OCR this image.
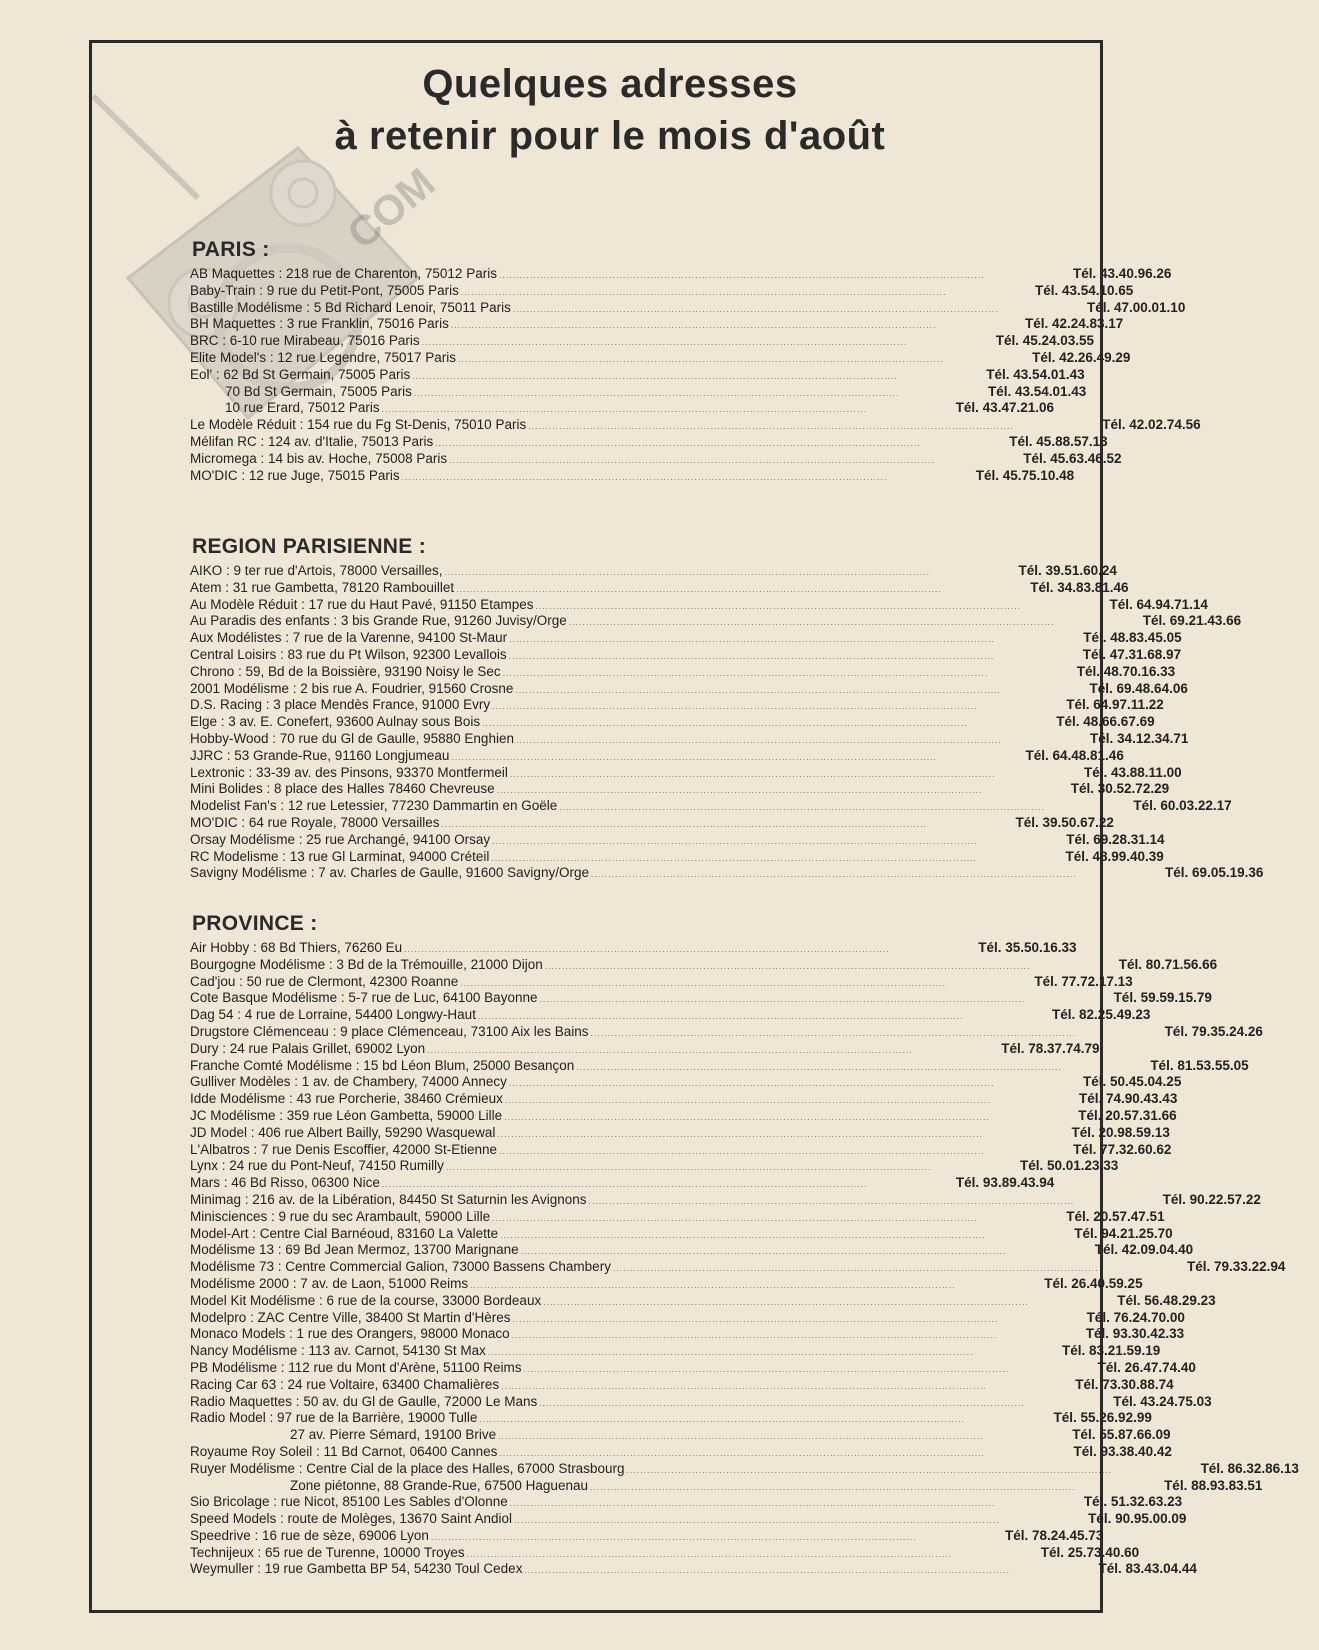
COM
Quelques adresses
à retenir pour le mois d'août
PARIS :
AB Maquettes : 218 rue de Charenton, 75012 Paris . . .	Tél. 43.40.96.26
Baby-Train : 9 rue du Petit-Pont, 75005 Paris . . .	Tél. 43.54.10.65
Bastille Modélisme : 5 Bd Richard Lenoir, 75011 Paris . . .	Tél. 47.00.01.10
BH Maquettes : 3 rue Franklin, 75016 Paris . . .	Tél. 42.24.83.17
BRC : 6-10 rue Mirabeau, 75016 Paris . . .	Tél. 45.24.03.55
Elite Model's : 12 rue Legendre, 75017 Paris . . .	Tél. 42.26.49.29
Eol' : 62 Bd St Germain, 75005 Paris . . .	Tél. 43.54.01.43
70 Bd St Germain, 75005 Paris . . .	Tél. 43.54.01.43
10 rue Erard, 75012 Paris . . .	Tél. 43.47.21.06
Le Modèle Réduit : 154 rue du Fg St-Denis, 75010 Paris . . .	Tél. 42.02.74.56
Mélifan RC : 124 av. d'Italie, 75013 Paris . . .	Tél. 45.88.57.13
Micromega : 14 bis av. Hoche, 75008 Paris . . .	Tél. 45.63.46.52
MO'DIC : 12 rue Juge, 75015 Paris . . .	Tél. 45.75.10.48
REGION PARISIENNE :
AIKO : 9 ter rue d'Artois, 78000 Versailles, . . .	Tél. 39.51.60.24
Atem : 31 rue Gambetta, 78120 Rambouillet . . .	Tél. 34.83.81.46
Au Modèle Réduit : 17 rue du Haut Pavé, 91150 Etampes . . .	Tél. 64.94.71.14
Au Paradis des enfants : 3 bis Grande Rue, 91260 Juvisy/Orge . . .	Tél. 69.21.43.66
Aux Modélistes : 7 rue de la Varenne, 94100 St-Maur . . .	Tél. 48.83.45.05
Central Loisirs : 83 rue du Pt Wilson, 92300 Levallois . . .	Tél. 47.31.68.97
Chrono : 59, Bd de la Boissière, 93190 Noisy le Sec . . .	Tél. 48.70.16.33
2001 Modélisme : 2 bis rue A. Foudrier, 91560 Crosne . . .	Tél. 69.48.64.06
D.S. Racing : 3 place Mendès France, 91000 Evry . . .	Tél. 64.97.11.22
Elge : 3 av. E. Conefert, 93600 Aulnay sous Bois . . .	Tél. 48.66.67.69
Hobby-Wood : 70 rue du Gl de Gaulle, 95880 Enghien . . .	Tél. 34.12.34.71
JJRC : 53 Grande-Rue, 91160 Longjumeau . . .	Tél. 64.48.81.46
Lextronic : 33-39 av. des Pinsons, 93370 Montfermeil . . .	Tél. 43.88.11.00
Mini Bolides : 8 place des Halles 78460 Chevreuse . . .	Tél. 30.52.72.29
Modelist Fan's : 12 rue Letessier, 77230 Dammartin en Goële . . .	Tél. 60.03.22.17
MO'DIC : 64 rue Royale, 78000 Versailles . . .	Tél. 39.50.67.22
Orsay Modélisme : 25 rue Archangé, 94100 Orsay . . .	Tél. 69.28.31.14
RC Modelisme : 13 rue Gl Larminat, 94000 Créteil . . .	Tél. 48.99.40.39
Savigny Modélisme : 7 av. Charles de Gaulle, 91600 Savigny/Orge . . .	Tél. 69.05.19.36
PROVINCE :
Air Hobby : 68 Bd Thiers, 76260 Eu . . .	Tél. 35.50.16.33
Bourgogne Modélisme : 3 Bd de la Trémouille, 21000 Dijon . . .	Tél. 80.71.56.66
Cad'jou : 50 rue de Clermont, 42300 Roanne . . .	Tél. 77.72.17.13
Cote Basque Modélisme : 5-7 rue de Luc, 64100 Bayonne . . .	Tél. 59.59.15.79
Dag 54 : 4 rue de Lorraine, 54400 Longwy-Haut . . .	Tél. 82.25.49.23
Drugstore Clémenceau : 9 place Clémenceau, 73100 Aix les Bains . . .	Tél. 79.35.24.26
Dury : 24 rue Palais Grillet, 69002 Lyon . . .	Tél. 78.37.74.79
Franche Comté Modélisme : 15 bd Léon Blum, 25000 Besançon . . .	Tél. 81.53.55.05
Gulliver Modèles : 1 av. de Chambery, 74000 Annecy . . .	Tél. 50.45.04.25
Idde Modélisme : 43 rue Porcherie, 38460 Crémieux . . .	Tél. 74.90.43.43
JC Modélisme : 359 rue Léon Gambetta, 59000 Lille . . .	Tél. 20.57.31.66
JD Model : 406 rue Albert Bailly, 59290 Wasquewal . . .	Tél. 20.98.59.13
L'Albatros : 7 rue Denis Escoffier, 42000 St-Etienne . . .	Tél. 77.32.60.62
Lynx : 24 rue du Pont-Neuf, 74150 Rumilly . . .	Tél. 50.01.23.33
Mars : 46 Bd Risso, 06300 Nice . . .	Tél. 93.89.43.94
Minimag : 216 av. de la Libération, 84450 St Saturnin les Avignons . . .	Tél. 90.22.57.22
Minisciences : 9 rue du sec Arambault, 59000 Lille . . .	Tél. 20.57.47.51
Model-Art : Centre Cial Barnéoud, 83160 La Valette . . .	Tél. 94.21.25.70
Modélisme 13 : 69 Bd Jean Mermoz, 13700 Marignane . . .	Tél. 42.09.04.40
Modélisme 73 : Centre Commercial Galion, 73000 Bassens Chambery . . .	Tél. 79.33.22.94
Modélisme 2000 : 7 av. de Laon, 51000 Reims . . .	Tél. 26.40.59.25
Model Kit Modélisme : 6 rue de la course, 33000 Bordeaux . . .	Tél. 56.48.29.23
Modelpro : ZAC Centre Ville, 38400 St Martin d'Hères . . .	Tél. 76.24.70.00
Monaco Models : 1 rue des Orangers, 98000 Monaco . . .	Tél. 93.30.42.33
Nancy Modélisme : 113 av. Carnot, 54130 St Max . . .	Tél. 83.21.59.19
PB Modélisme : 112 rue du Mont d'Arène, 51100 Reims . . .	Tél. 26.47.74.40
Racing Car 63 : 24 rue Voltaire, 63400 Chamalières . . .	Tél. 73.30.88.74
Radio Maquettes : 50 av. du Gl de Gaulle, 72000 Le Mans . . .	Tél. 43.24.75.03
Radio Model : 97 rue de la Barrière, 19000 Tulle . . .	Tél. 55.26.92.99
27 av. Pierre Sémard, 19100 Brive . . .	Tél. 55.87.66.09
Royaume Roy Soleil : 11 Bd Carnot, 06400 Cannes . . .	Tél. 93.38.40.42
Ruyer Modélisme : Centre Cial de la place des Halles, 67000 Strasbourg . . .	Tél. 86.32.86.13
Zone piétonne, 88 Grande-Rue, 67500 Haguenau . . .	Tél. 88.93.83.51
Sio Bricolage : rue Nicot, 85100 Les Sables d'Olonne . . .	Tél. 51.32.63.23
Speed Models : route de Molèges, 13670 Saint Andiol . . .	Tél. 90.95.00.09
Speedrive : 16 rue de sèze, 69006 Lyon . . .	Tél. 78.24.45.73
Technijeux : 65 rue de Turenne, 10000 Troyes . . .	Tél. 25.73.40.60
Weymuller : 19 rue Gambetta BP 54, 54230 Toul Cedex . . .	Tél. 83.43.04.44
